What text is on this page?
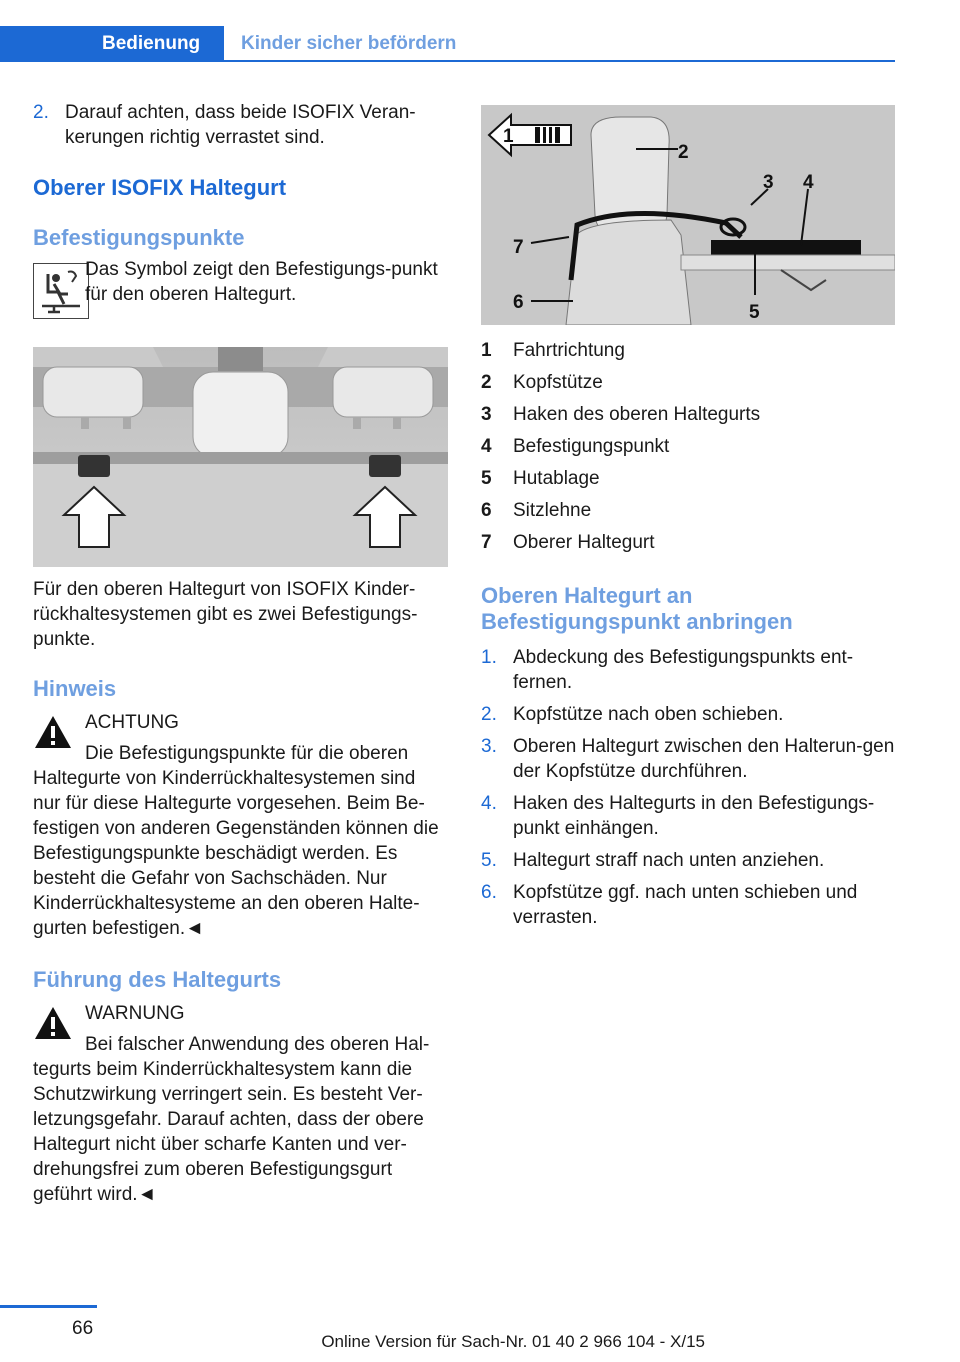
Bedienung	Kinder sicher befördern
2. Darauf achten, dass beide ISOFIX Veran-kerungen richtig verrastet sind.
Oberer ISOFIX Haltegurt
Befestigungspunkte
Das Symbol zeigt den Befestigungs-punkt für den oberen Haltegurt.
Für den oberen Haltegurt von ISOFIX Kinder-rückhaltesystemen gibt es zwei Befestigungs-punkte.
Hinweis
ACHTUNG
Die Befestigungspunkte für die oberen
Haltegurte von Kinderrückhaltesystemen sind nur für diese Haltegurte vorgesehen. Beim Be-festigen von anderen Gegenständen können die Befestigungspunkte beschädigt werden. Es besteht die Gefahr von Sachschäden. Nur Kinderrückhaltesysteme an den oberen Halte-gurten befestigen.◄
Führung des Haltegurts
WARNUNG
Bei falscher Anwendung des oberen Hal-
tegurts beim Kinderrückhaltesystem kann die Schutzwirkung verringert sein. Es besteht Ver-letzungsgefahr. Darauf achten, dass der obere Haltegurt nicht über scharfe Kanten und ver-drehungsfrei zum oberen Befestigungsgurt geführt wird.◄
1
2
3 4
5
6
7
1 Fahrtrichtung
2 Kopfstütze
3 Haken des oberen Haltegurts
4 Befestigungspunkt
5 Hutablage
6 Sitzlehne
7 Oberer Haltegurt
Oberen Haltegurt an Befestigungspunkt anbringen
1. Abdeckung des Befestigungspunkts ent-fernen.
2. Kopfstütze nach oben schieben.
3. Oberen Haltegurt zwischen den Halterun-gen der Kopfstütze durchführen.
4. Haken des Haltegurts in den Befestigungs-punkt einhängen.
5. Haltegurt straff nach unten anziehen.
6. Kopfstütze ggf. nach unten schieben und verrasten.
66
Online Version für Sach-Nr. 01 40 2 966 104 - X/15
